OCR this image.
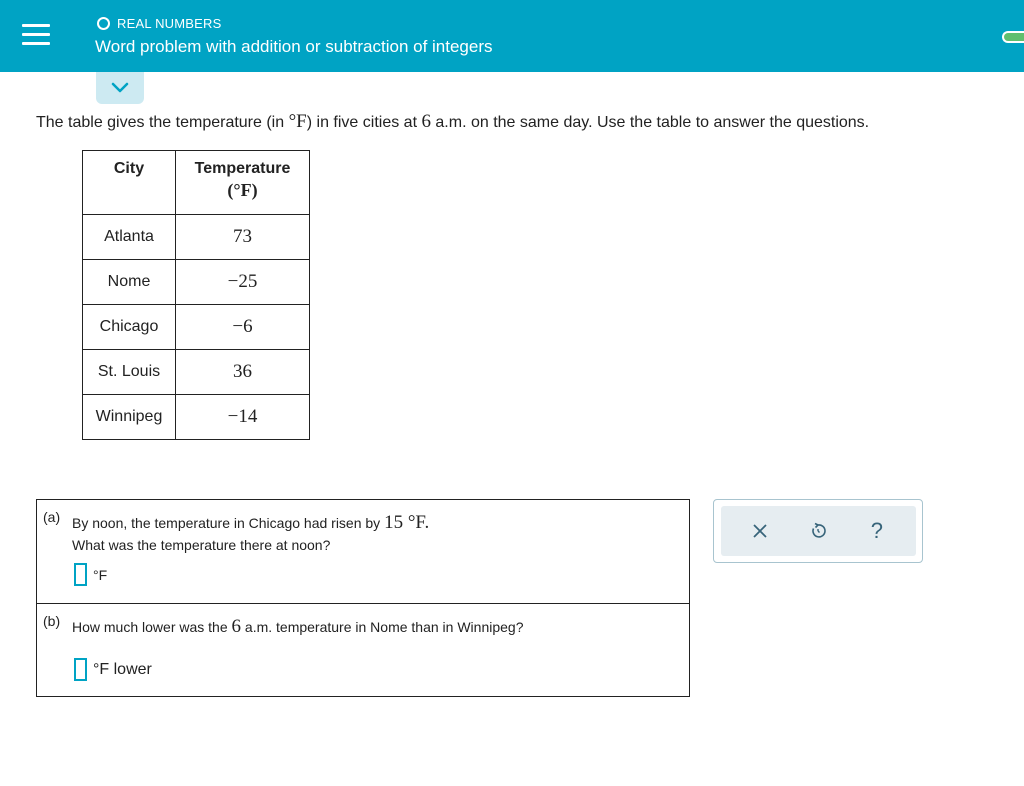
REAL NUMBERS
Word problem with addition or subtraction of integers
The table gives the temperature (in °F) in five cities at 6 a.m. on the same day. Use the table to answer the questions.
City	Temperature
(°F)

Atlanta	73
Nome	−25
Chicago	−6
St. Louis	36
Winnipeg	−14
(a) By noon, the temperature in Chicago had risen by 15 °F.
What was the temperature there at noon?
°F
(b) How much lower was the 6 a.m. temperature in Nome than in Winnipeg?
°F lower
?
